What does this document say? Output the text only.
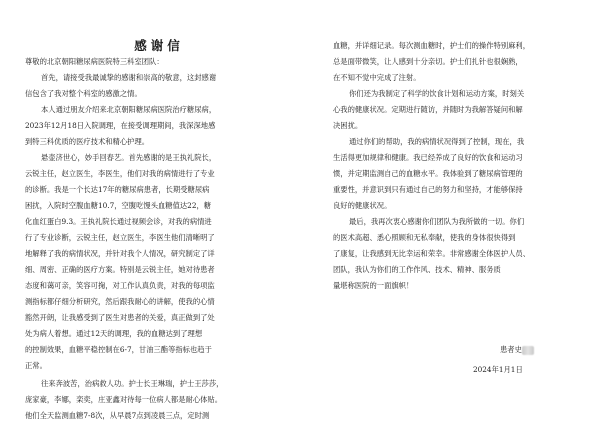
感谢信
尊敬的北京朝阳糖尿病医院特三科室团队：

首先，请接受我最诚挚的感谢和崇高的敬意，这封感谢
信包含了我对整个科室的感激之情。

本人通过朋友介绍来北京朝阳糖尿病医院治疗糖尿病，
2023年12月18日入院调理，在接受调理期间，我深深地感
到特三科优质的医疗技术和精心护理。

悬壶济世心，妙手回春艺。首先感谢的是王执礼院长，
云锐主任，赵立医生，李医生，他们对我的病情进行了专业
的诊断。我是一个长达17年的糖尿病患者，长期受糖尿病
困扰，入院时空腹血糖10.7，空腹吃馒头血糖值达22，糖
化血红蛋白9.3。王执礼院长通过视频会诊，对我的病情进
行了专业诊断，云锐主任，赵立医生，李医生他们清晰明了
地解释了我的病情状况，并针对我个人情况，研究制定了详
细、周密、正确的医疗方案。特别是云锐主任，她对待患者
态度和蔼可亲，笑容可掬，对工作认真负责，对我的每项监
测指标都仔细分析研究，然后跟我耐心的讲解，使我的心情
豁然开朗，让我感受到了医生对患者的关爱，真正做到了处
处为病人着想。通过12天的调理，我的血糖达到了理想
的控制效果，血糖平稳控制在6-7，甘油三酯等指标也趋于
正常。

往来奔波苦，治病救人功。护士长王琳瑞，护士王莎莎，
庞家豪，李娜，栾奕，庄亚鑫对待每一位病人都是耐心体贴。
他们全天监测血糖7-8次，从早晨7点到凌晨三点，定时测

血糖，并详细记录。每次测血糖时，护士们的操作特别麻利，
总是面带微笑，让人感到十分亲切。护士们扎针也很娴熟，
在不知不觉中完成了注射。

你们还为我制定了科学的饮食计划和运动方案，时刻关
心我的健康状况。定期进行随访，并随时为我解答疑问和解
决困扰。

通过你们的帮助，我的病情状况得到了控制，现在，我
生活得更加规律和健康。我已经养成了良好的饮食和运动习
惯，并定期监测自己的血糖水平。我体验到了糖尿病管理的
重要性，并意识到只有通过自己的努力和坚持，才能够保持
良好的健康状况。

最后，我再次衷心感谢你们团队为我所做的一切。你们
的医术高超、悉心照顾和无私奉献，使我的身体很快得到
了康复，让我感到无比幸运和荣幸。非常感谢全体医护人员、
团队，我认为你们的工作作风、技术、精神、服务质
量堪称医院的一面旗帜！

患者史
2024年1月1日
